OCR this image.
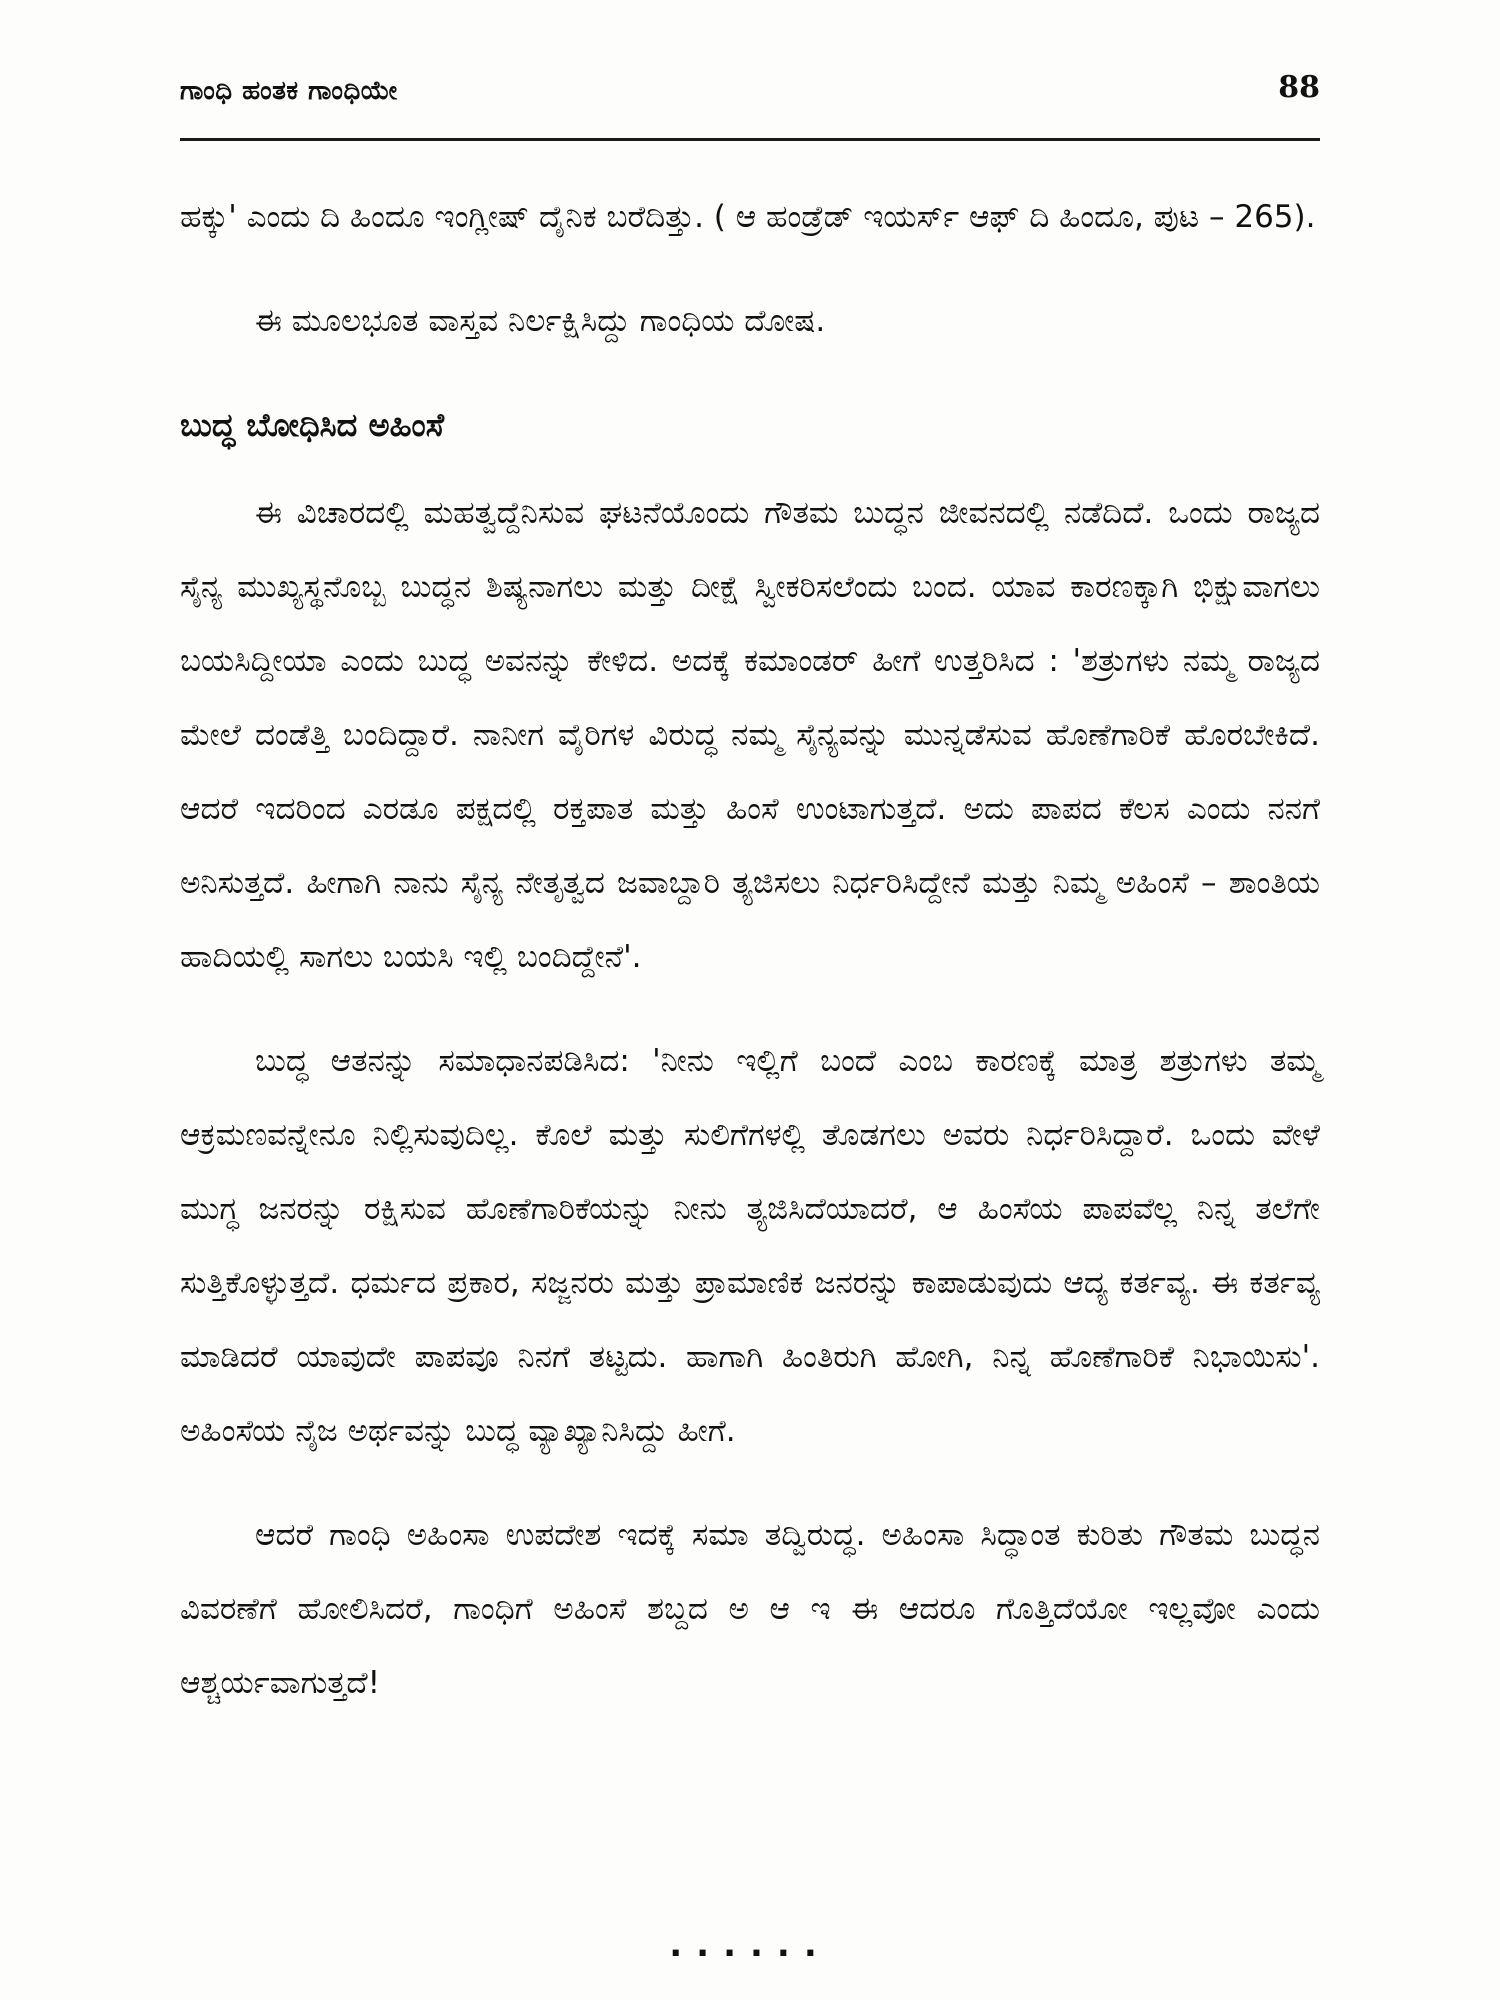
ಗಾಂಧಿ ಹಂತಕ ಗಾಂಧಿಯೇ	88

ಹಕ್ಕು' ಎಂದು ದಿ ಹಿಂದೂ ಇಂಗ್ಲೀಷ್ ದೈನಿಕ ಬರೆದಿತ್ತು. ( ಆ ಹಂಡ್ರೆಡ್ ಇಯರ್ಸ್ ಆಫ್ ದಿ ಹಿಂದೂ, ಪುಟ – 265).

ಈ ಮೂಲಭೂತ ವಾಸ್ತವ ನಿರ್ಲಕ್ಷಿಸಿದ್ದು ಗಾಂಧಿಯ ದೋಷ.

ಬುದ್ಧ ಬೋಧಿಸಿದ ಅಹಿಂಸೆ

ಈ ವಿಚಾರದಲ್ಲಿ ಮಹತ್ವದ್ದೆನಿಸುವ ಘಟನೆಯೊಂದು ಗೌತಮ ಬುದ್ಧನ ಜೀವನದಲ್ಲಿ ನಡೆದಿದೆ. ಒಂದು ರಾಜ್ಯದ ಸೈನ್ಯ ಮುಖ್ಯಸ್ಥನೊಬ್ಬ ಬುದ್ಧನ ಶಿಷ್ಯನಾಗಲು ಮತ್ತು ದೀಕ್ಷೆ ಸ್ವೀಕರಿಸಲೆಂದು ಬಂದ. ಯಾವ ಕಾರಣಕ್ಕಾಗಿ ಭಿಕ್ಷುವಾಗಲು ಬಯಸಿದ್ದೀಯಾ ಎಂದು ಬುದ್ಧ ಅವನನ್ನು ಕೇಳಿದ. ಅದಕ್ಕೆ ಕಮಾಂಡರ್ ಹೀಗೆ ಉತ್ತರಿಸಿದ : 'ಶತ್ರುಗಳು ನಮ್ಮ ರಾಜ್ಯದ ಮೇಲೆ ದಂಡೆತ್ತಿ ಬಂದಿದ್ದಾರೆ. ನಾನೀಗ ವೈರಿಗಳ ವಿರುದ್ಧ ನಮ್ಮ ಸೈನ್ಯವನ್ನು ಮುನ್ನಡೆಸುವ ಹೊಣೆಗಾರಿಕೆ ಹೊರಬೇಕಿದೆ. ಆದರೆ ಇದರಿಂದ ಎರಡೂ ಪಕ್ಷದಲ್ಲಿ ರಕ್ತಪಾತ ಮತ್ತು ಹಿಂಸೆ ಉಂಟಾಗುತ್ತದೆ. ಅದು ಪಾಪದ ಕೆಲಸ ಎಂದು ನನಗೆ ಅನಿಸುತ್ತದೆ. ಹೀಗಾಗಿ ನಾನು ಸೈನ್ಯ ನೇತೃತ್ವದ ಜವಾಬ್ದಾರಿ ತ್ಯಜಿಸಲು ನಿರ್ಧರಿಸಿದ್ದೇನೆ ಮತ್ತು ನಿಮ್ಮ ಅಹಿಂಸೆ – ಶಾಂತಿಯ ಹಾದಿಯಲ್ಲಿ ಸಾಗಲು ಬಯಸಿ ಇಲ್ಲಿ ಬಂದಿದ್ದೇನೆ'.

ಬುದ್ಧ ಆತನನ್ನು ಸಮಾಧಾನಪಡಿಸಿದ: 'ನೀನು ಇಲ್ಲಿಗೆ ಬಂದೆ ಎಂಬ ಕಾರಣಕ್ಕೆ ಮಾತ್ರ ಶತ್ರುಗಳು ತಮ್ಮ ಆಕ್ರಮಣವನ್ನೇನೂ ನಿಲ್ಲಿಸುವುದಿಲ್ಲ. ಕೊಲೆ ಮತ್ತು ಸುಲಿಗೆಗಳಲ್ಲಿ ತೊಡಗಲು ಅವರು ನಿರ್ಧರಿಸಿದ್ದಾರೆ. ಒಂದು ವೇಳೆ ಮುಗ್ಧ ಜನರನ್ನು ರಕ್ಷಿಸುವ ಹೊಣೆಗಾರಿಕೆಯನ್ನು ನೀನು ತ್ಯಜಿಸಿದೆಯಾದರೆ, ಆ ಹಿಂಸೆಯ ಪಾಪವೆಲ್ಲ ನಿನ್ನ ತಲೆಗೇ ಸುತ್ತಿಕೊಳ್ಳುತ್ತದೆ. ಧರ್ಮದ ಪ್ರಕಾರ, ಸಜ್ಜನರು ಮತ್ತು ಪ್ರಾಮಾಣಿಕ ಜನರನ್ನು ಕಾಪಾಡುವುದು ಆದ್ಯ ಕರ್ತವ್ಯ. ಈ ಕರ್ತವ್ಯ ಮಾಡಿದರೆ ಯಾವುದೇ ಪಾಪವೂ ನಿನಗೆ ತಟ್ಟದು. ಹಾಗಾಗಿ ಹಿಂತಿರುಗಿ ಹೋಗಿ, ನಿನ್ನ ಹೊಣೆಗಾರಿಕೆ ನಿಭಾಯಿಸು'. ಅಹಿಂಸೆಯ ನೈಜ ಅರ್ಥವನ್ನು ಬುದ್ಧ ವ್ಯಾಖ್ಯಾನಿಸಿದ್ದು ಹೀಗೆ.

ಆದರೆ ಗಾಂಧಿ ಅಹಿಂಸಾ ಉಪದೇಶ ಇದಕ್ಕೆ ಸಮಾ ತದ್ವಿರುದ್ಧ. ಅಹಿಂಸಾ ಸಿದ್ಧಾಂತ ಕುರಿತು ಗೌತಮ ಬುದ್ಧನ ವಿವರಣೆಗೆ ಹೋಲಿಸಿದರೆ, ಗಾಂಧಿಗೆ ಅಹಿಂಸೆ ಶಬ್ದದ ಅ ಆ ಇ ಈ ಆದರೂ ಗೊತ್ತಿದೆಯೋ ಇಲ್ಲವೋ ಎಂದು ಆಶ್ಚರ್ಯವಾಗುತ್ತದೆ!

......
